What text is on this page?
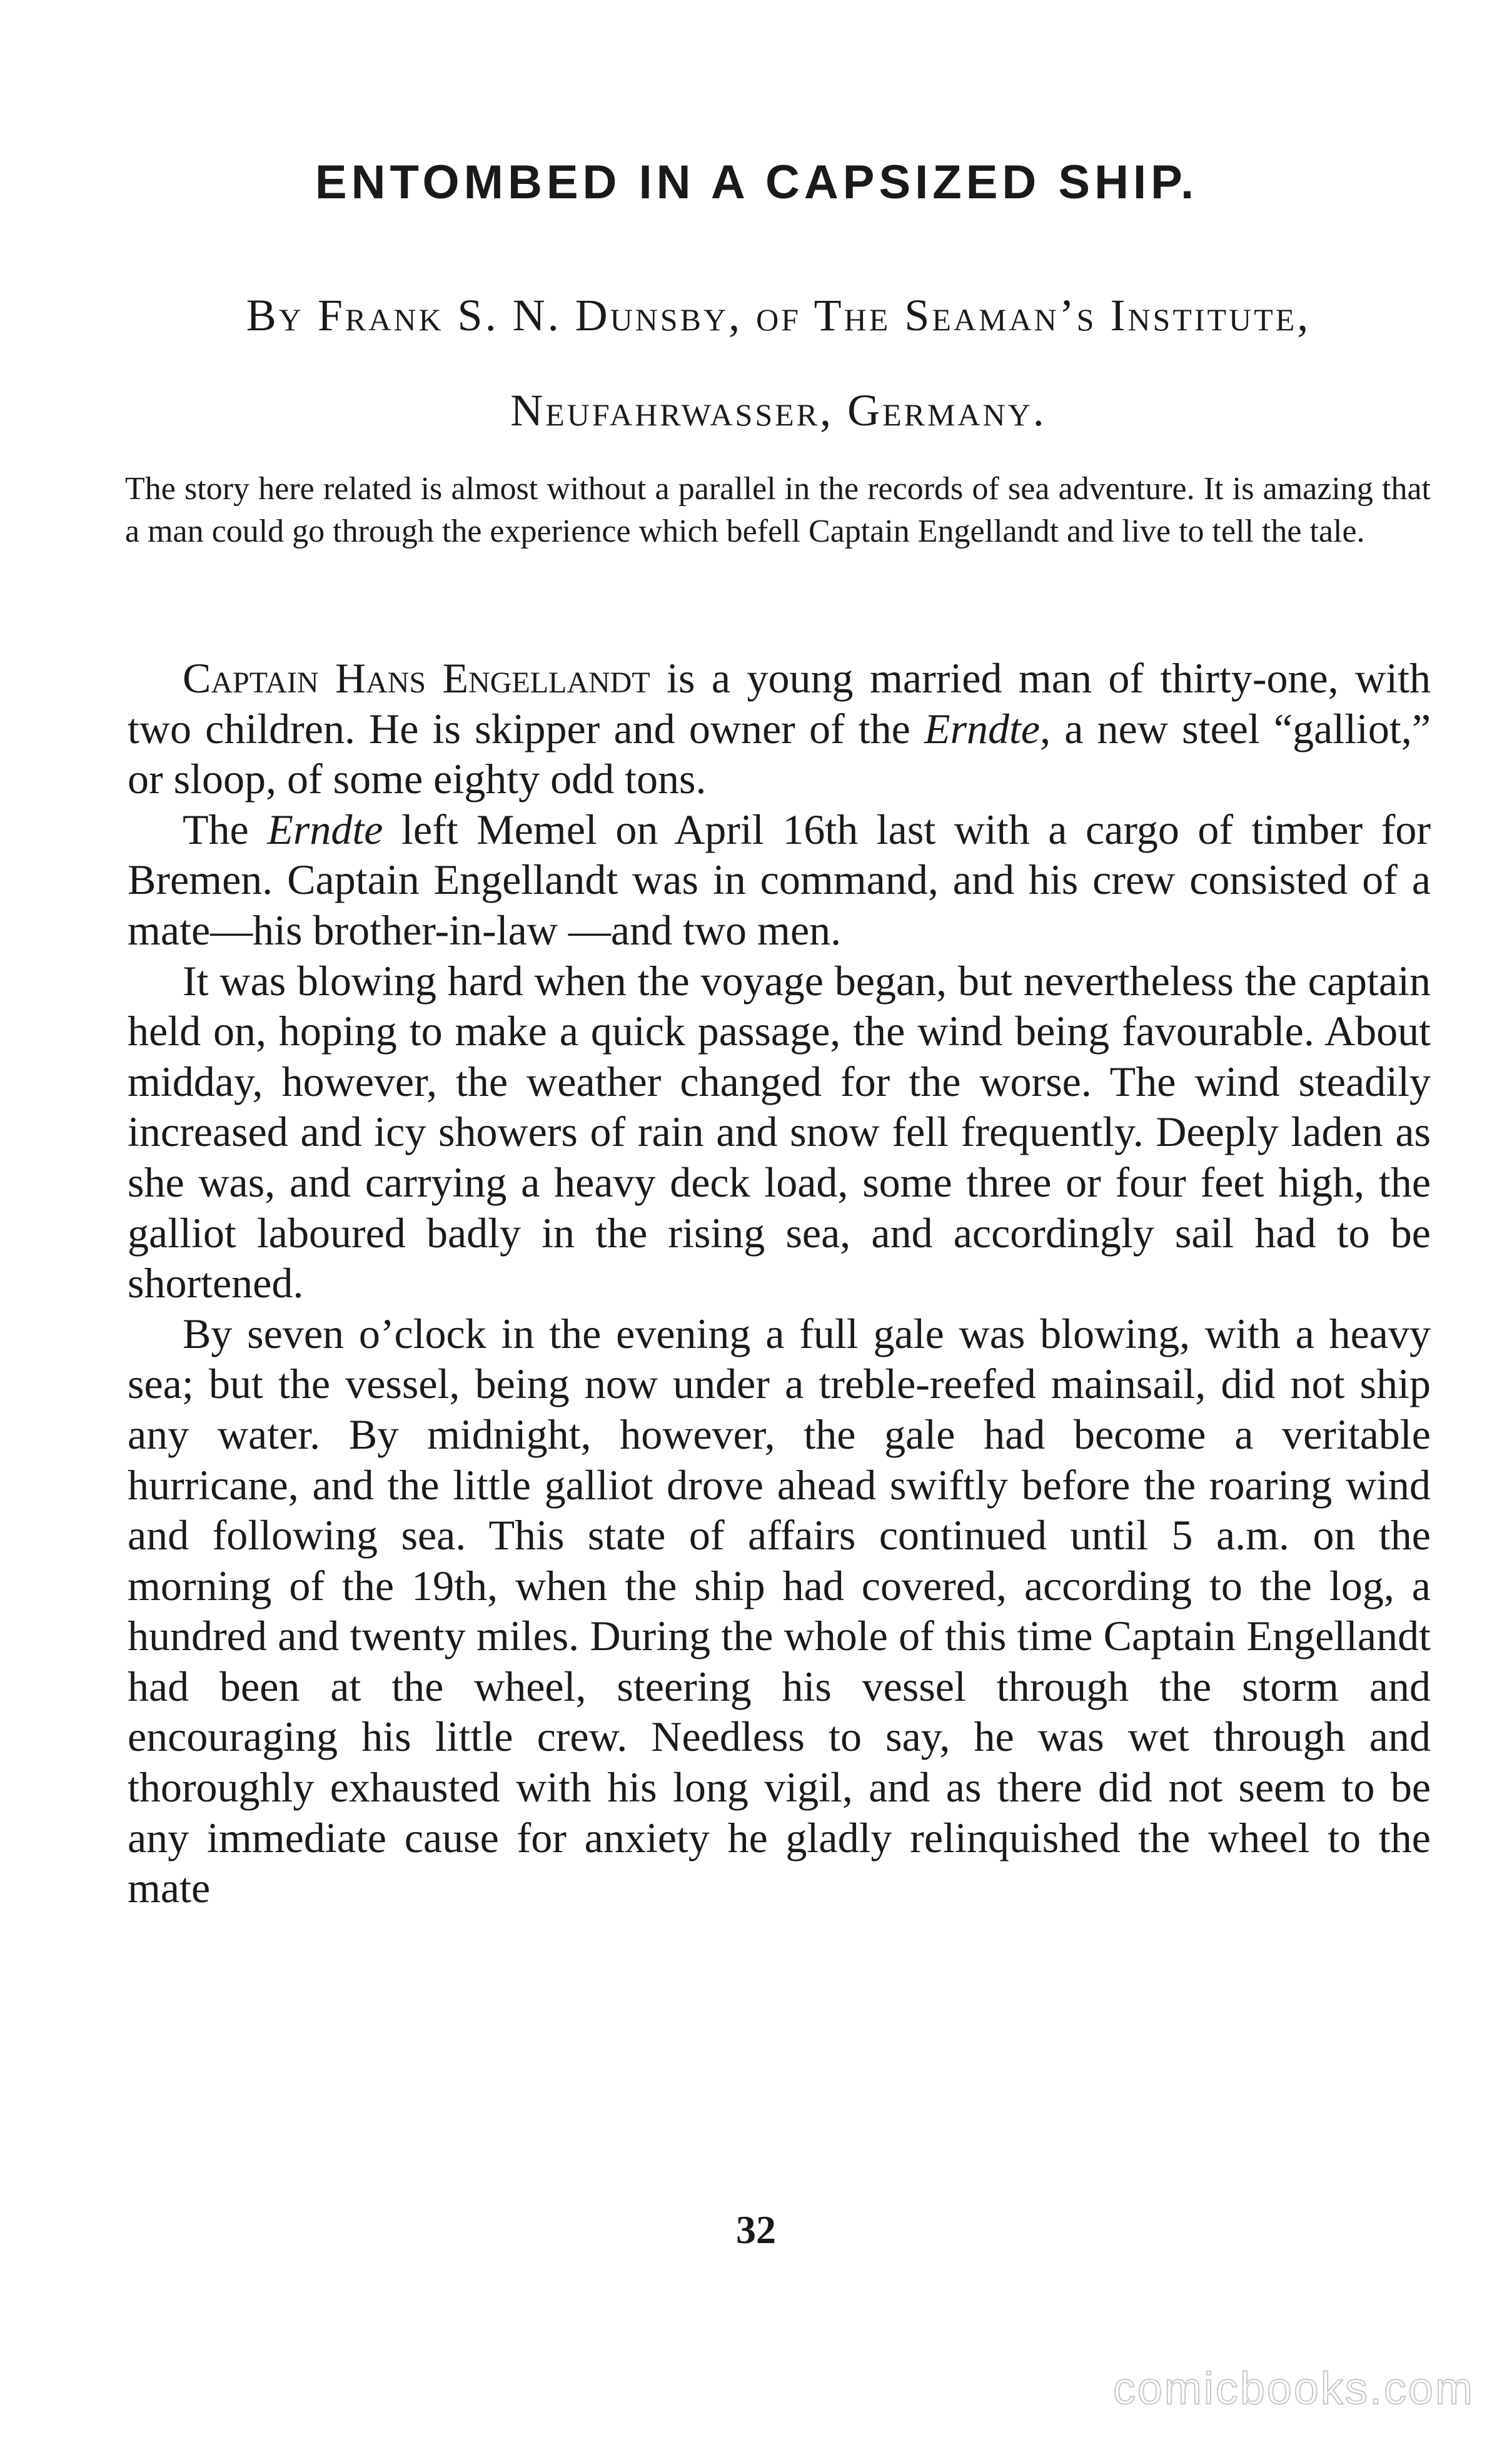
ENTOMBED IN A CAPSIZED SHIP.
By Frank S. N. Dunsby, of The Seaman’s Institute,
Neufahrwasser, Germany.

The story here related is almost without a parallel in the records of sea adventure. It is amazing that a man could go through the experience which befell Captain Engellandt and live to tell the tale.

Captain Hans Engellandt is a young married man of thirty-one, with two children. He is skipper and owner of the Erndte, a new steel “galliot,” or sloop, of some eighty odd tons.

The Erndte left Memel on April 16th last with a cargo of timber for Bremen. Captain Engellandt was in command, and his crew consisted of a mate—his brother-in-law —and two men.

It was blowing hard when the voyage began, but nevertheless the captain held on, hoping to make a quick passage, the wind being favourable. About midday, however, the weather changed for the worse. The wind steadily increased and icy showers of rain and snow fell frequently. Deeply laden as she was, and carrying a heavy deck load, some three or four feet high, the galliot laboured badly in the rising sea, and accordingly sail had to be shortened.

By seven o’clock in the evening a full gale was blowing, with a heavy sea; but the vessel, being now under a treble-reefed mainsail, did not ship any water. By midnight, however, the gale had become a veritable hurricane, and the little galliot drove ahead swiftly before the roaring wind and following sea. This state of affairs continued until 5 a.m. on the morning of the 19th, when the ship had covered, according to the log, a hundred and twenty miles. During the whole of this time Captain Engellandt had been at the wheel, steering his vessel through the storm and encouraging his little crew. Needless to say, he was wet through and thoroughly exhausted with his long vigil, and as there did not seem to be any immediate cause for anxiety he gladly relinquished the wheel to the mate

32
comicbooks.com
